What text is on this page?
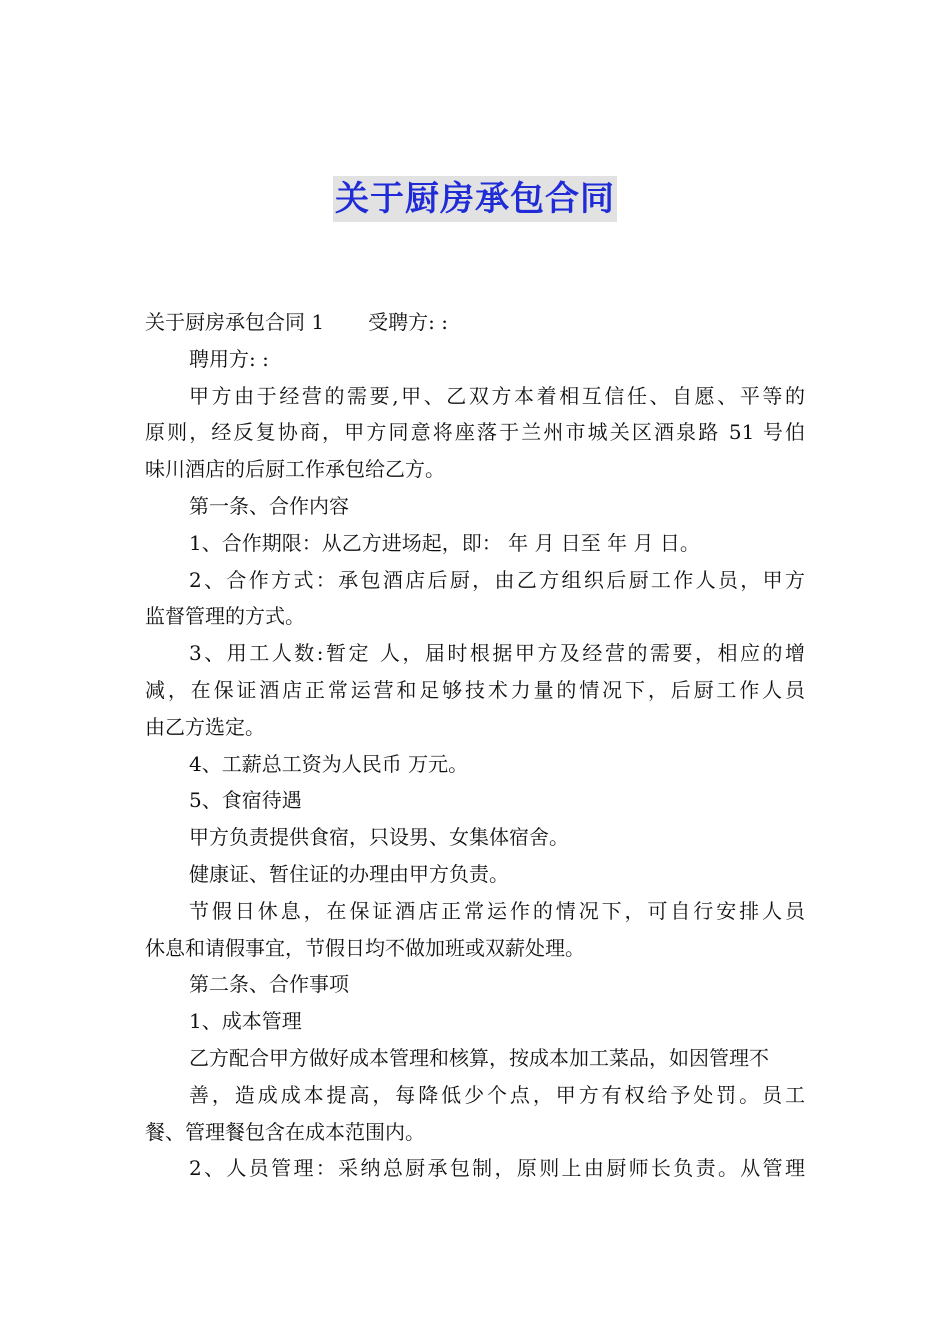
关于厨房承包合同
关于厨房承包合同 1 受聘方: :
聘用方: :
甲方由于经营的需要,甲、乙双方本着相互信任、自愿、平等的
原则，经反复协商，甲方同意将座落于兰州市城关区酒泉路 51 号伯
味川酒店的后厨工作承包给乙方。
第一条、合作内容
1、合作期限：从乙方进场起，即： 年 月 日至 年 月 日。
2、合作方式：承包酒店后厨，由乙方组织后厨工作人员，甲方
监督管理的方式。
3、用工人数:暂定 人，届时根据甲方及经营的需要，相应的增
减，在保证酒店正常运营和足够技术力量的情况下，后厨工作人员
由乙方选定。
4、工薪总工资为人民币 万元。
5、食宿待遇
甲方负责提供食宿，只设男、女集体宿舍。
健康证、暂住证的办理由甲方负责。
节假日休息，在保证酒店正常运作的情况下，可自行安排人员
休息和请假事宜，节假日均不做加班或双薪处理。
第二条、合作事项
1、成本管理
乙方配合甲方做好成本管理和核算，按成本加工菜品，如因管理不
善，造成成本提高，每降低少个点，甲方有权给予处罚。员工
餐、管理餐包含在成本范围内。
2、人员管理：采纳总厨承包制，原则上由厨师长负责。从管理
